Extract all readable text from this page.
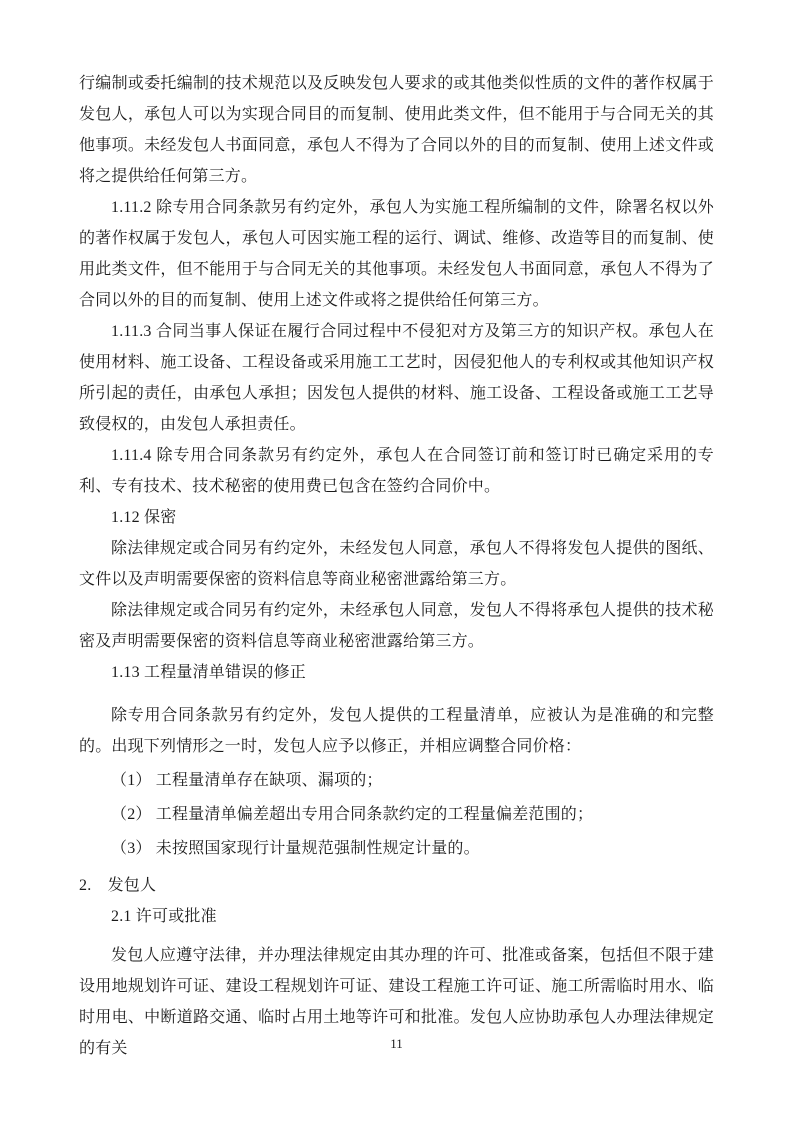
行编制或委托编制的技术规范以及反映发包人要求的或其他类似性质的文件的著作权属于发包人，承包人可以为实现合同目的而复制、使用此类文件，但不能用于与合同无关的其他事项。未经发包人书面同意，承包人不得为了合同以外的目的而复制、使用上述文件或将之提供给任何第三方。

1.11.2 除专用合同条款另有约定外，承包人为实施工程所编制的文件，除署名权以外的著作权属于发包人，承包人可因实施工程的运行、调试、维修、改造等目的而复制、使用此类文件，但不能用于与合同无关的其他事项。未经发包人书面同意，承包人不得为了合同以外的目的而复制、使用上述文件或将之提供给任何第三方。

1.11.3 合同当事人保证在履行合同过程中不侵犯对方及第三方的知识产权。承包人在使用材料、施工设备、工程设备或采用施工工艺时，因侵犯他人的专利权或其他知识产权所引起的责任，由承包人承担；因发包人提供的材料、施工设备、工程设备或施工工艺导致侵权的，由发包人承担责任。

1.11.4 除专用合同条款另有约定外，承包人在合同签订前和签订时已确定采用的专利、专有技术、技术秘密的使用费已包含在签约合同价中。

1.12 保密

除法律规定或合同另有约定外，未经发包人同意，承包人不得将发包人提供的图纸、文件以及声明需要保密的资料信息等商业秘密泄露给第三方。

除法律规定或合同另有约定外，未经承包人同意，发包人不得将承包人提供的技术秘密及声明需要保密的资料信息等商业秘密泄露给第三方。

1.13 工程量清单错误的修正

除专用合同条款另有约定外，发包人提供的工程量清单，应被认为是准确的和完整的。出现下列情形之一时，发包人应予以修正，并相应调整合同价格：

（1） 工程量清单存在缺项、漏项的；

（2） 工程量清单偏差超出专用合同条款约定的工程量偏差范围的；

（3） 未按照国家现行计量规范强制性规定计量的。

2. 发包人

2.1 许可或批准

发包人应遵守法律，并办理法律规定由其办理的许可、批准或备案，包括但不限于建设用地规划许可证、建设工程规划许可证、建设工程施工许可证、施工所需临时用水、临时用电、中断道路交通、临时占用土地等许可和批准。发包人应协助承包人办理法律规定的有关	11
